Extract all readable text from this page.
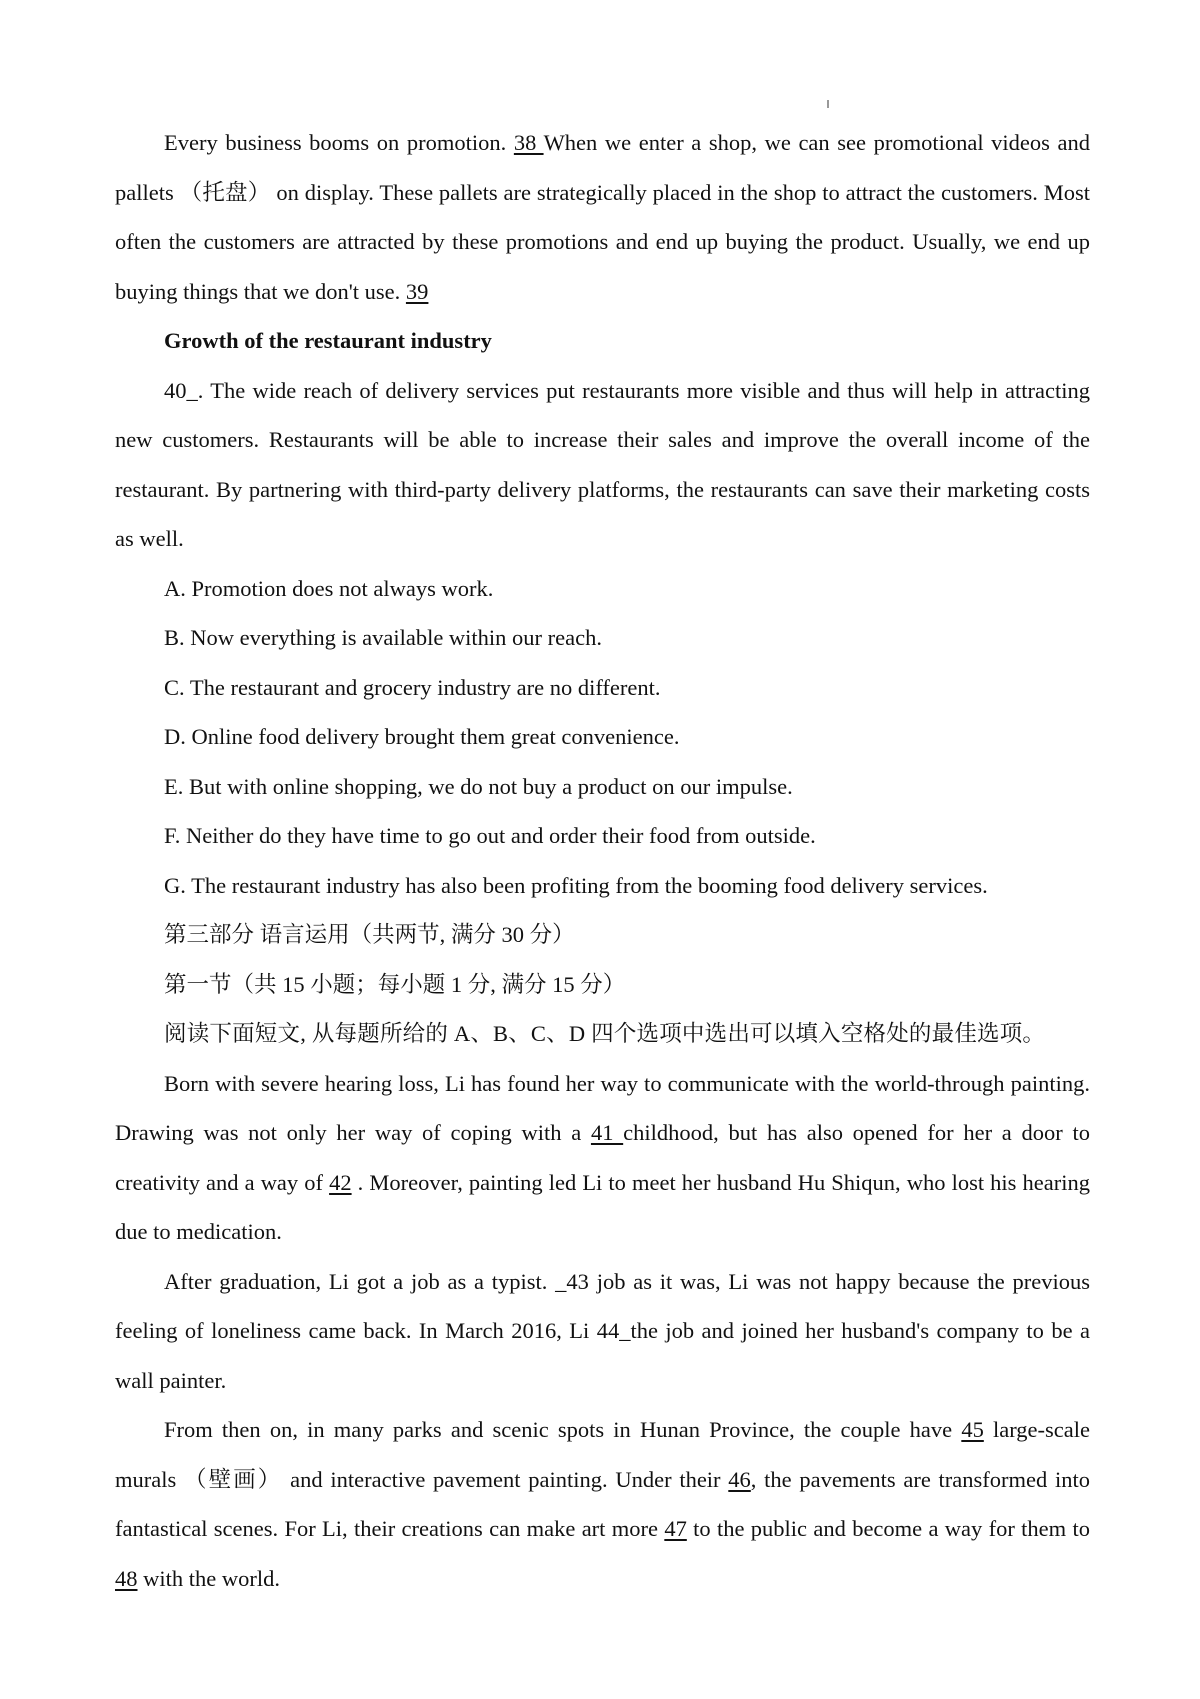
Every business booms on promotion. 38 When we enter a shop, we can see promotional videos and pallets （托盘） on display. These pallets are strategically placed in the shop to attract the customers. Most often the customers are attracted by these promotions and end up buying the product. Usually, we end up buying things that we don't use. 39

Growth of the restaurant industry

40_. The wide reach of delivery services put restaurants more visible and thus will help in attracting new customers. Restaurants will be able to increase their sales and improve the overall income of the restaurant. By partnering with third-party delivery platforms, the restaurants can save their marketing costs as well.

A. Promotion does not always work.

B. Now everything is available within our reach.

C. The restaurant and grocery industry are no different.

D. Online food delivery brought them great convenience.

E. But with online shopping, we do not buy a product on our impulse.

F. Neither do they have time to go out and order their food from outside.

G. The restaurant industry has also been profiting from the booming food delivery services.

第三部分 语言运用（共两节, 满分 30 分）

第一节（共 15 小题；每小题 1 分, 满分 15 分）

阅读下面短文, 从每题所给的 A、B、C、D 四个选项中选出可以填入空格处的最佳选项。

Born with severe hearing loss, Li has found her way to communicate with the world-through painting. Drawing was not only her way of coping with a 41 childhood, but has also opened for her a door to creativity and a way of 42 . Moreover, painting led Li to meet her husband Hu Shiqun, who lost his hearing due to medication.

After graduation, Li got a job as a typist. _43 job as it was, Li was not happy because the previous feeling of loneliness came back. In March 2016, Li 44_the job and joined her husband's company to be a wall painter.

From then on, in many parks and scenic spots in Hunan Province, the couple have 45 large-scale murals （壁画） and interactive pavement painting. Under their 46, the pavements are transformed into fantastical scenes. For Li, their creations can make art more 47 to the public and become a way for them to 48 with the world.
